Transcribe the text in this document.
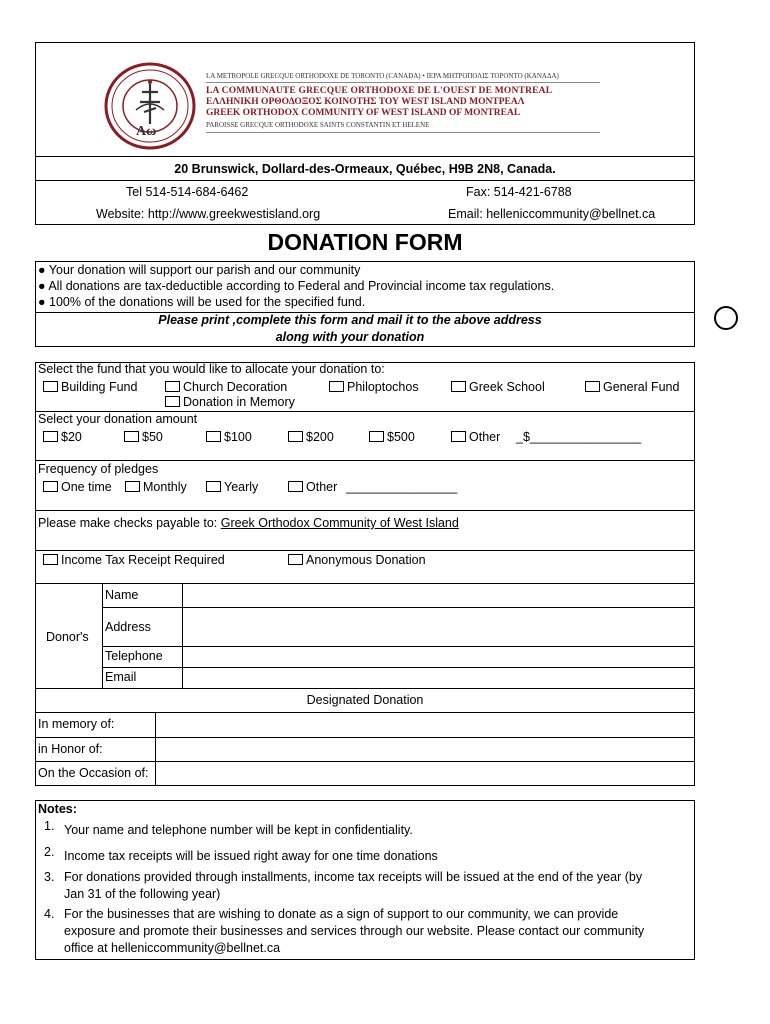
Αω
LA METROPOLE GRECQUE ORTHODOXE DE TORONTO (CANADA) • ΙΕΡΑ ΜΗΤΡΟΠΟΛΙΣ ΤΟΡΟΝΤΟ (ΚΑΝΑΔΑ)
LA COMMUNAUTE GRECQUE ORTHODOXE DE L'OUEST DE MONTREAL
ΕΛΛΗΝΙΚΗ ΟΡΘΟΔΟΞΟΣ ΚΟΙΝΟΤΗΣ ΤΟΥ WEST ISLAND ΜΟΝΤΡΕΑΛ
GREEK ORTHODOX COMMUNITY OF WEST ISLAND OF MONTREAL
PAROISSE GRECQUE ORTHODOXE SAINTS CONSTANTIN ET HELENE
20 Brunswick, Dollard-des-Ormeaux, Québec, H9B 2N8, Canada.
Tel 514-514-684-6462	Fax: 514-421-6788
Website: http://www.greekwestisland.org	Email: helleniccommunity@bellnet.ca
DONATION FORM
● Your donation will support our parish and our community
● All donations are tax-deductible according to Federal and Provincial income tax regulations.
● 100% of the donations will be used for the specified fund.
Please print ,complete this form and mail it to the above address
along with your donation
Select the fund that you would like to allocate your donation to:
Building Fund	Church Decoration	Philoptochos	Greek School	General Fund
Donation in Memory
Select your donation amount
$20	$50	$100	$200	$500	Other _$________________
Frequency of pledges
One time	Monthly	Yearly	Other ________________
Please make checks payable to: Greek Orthodox Community of West Island
Income Tax Receipt Required	Anonymous Donation
Donor's
Name
Address
Telephone
Email
Designated Donation
In memory of:
in Honor of:
On the Occasion of:
Notes:
1. Your name and telephone number will be kept in confidentiality.
2. Income tax receipts will be issued right away for one time donations
3. For donations provided through installments, income tax receipts will be issued at the end of the year (by
Jan 31 of the following year)
4. For the businesses that are wishing to donate as a sign of support to our community, we can provide
exposure and promote their businesses and services through our website. Please contact our community
office at helleniccommunity@bellnet.ca
